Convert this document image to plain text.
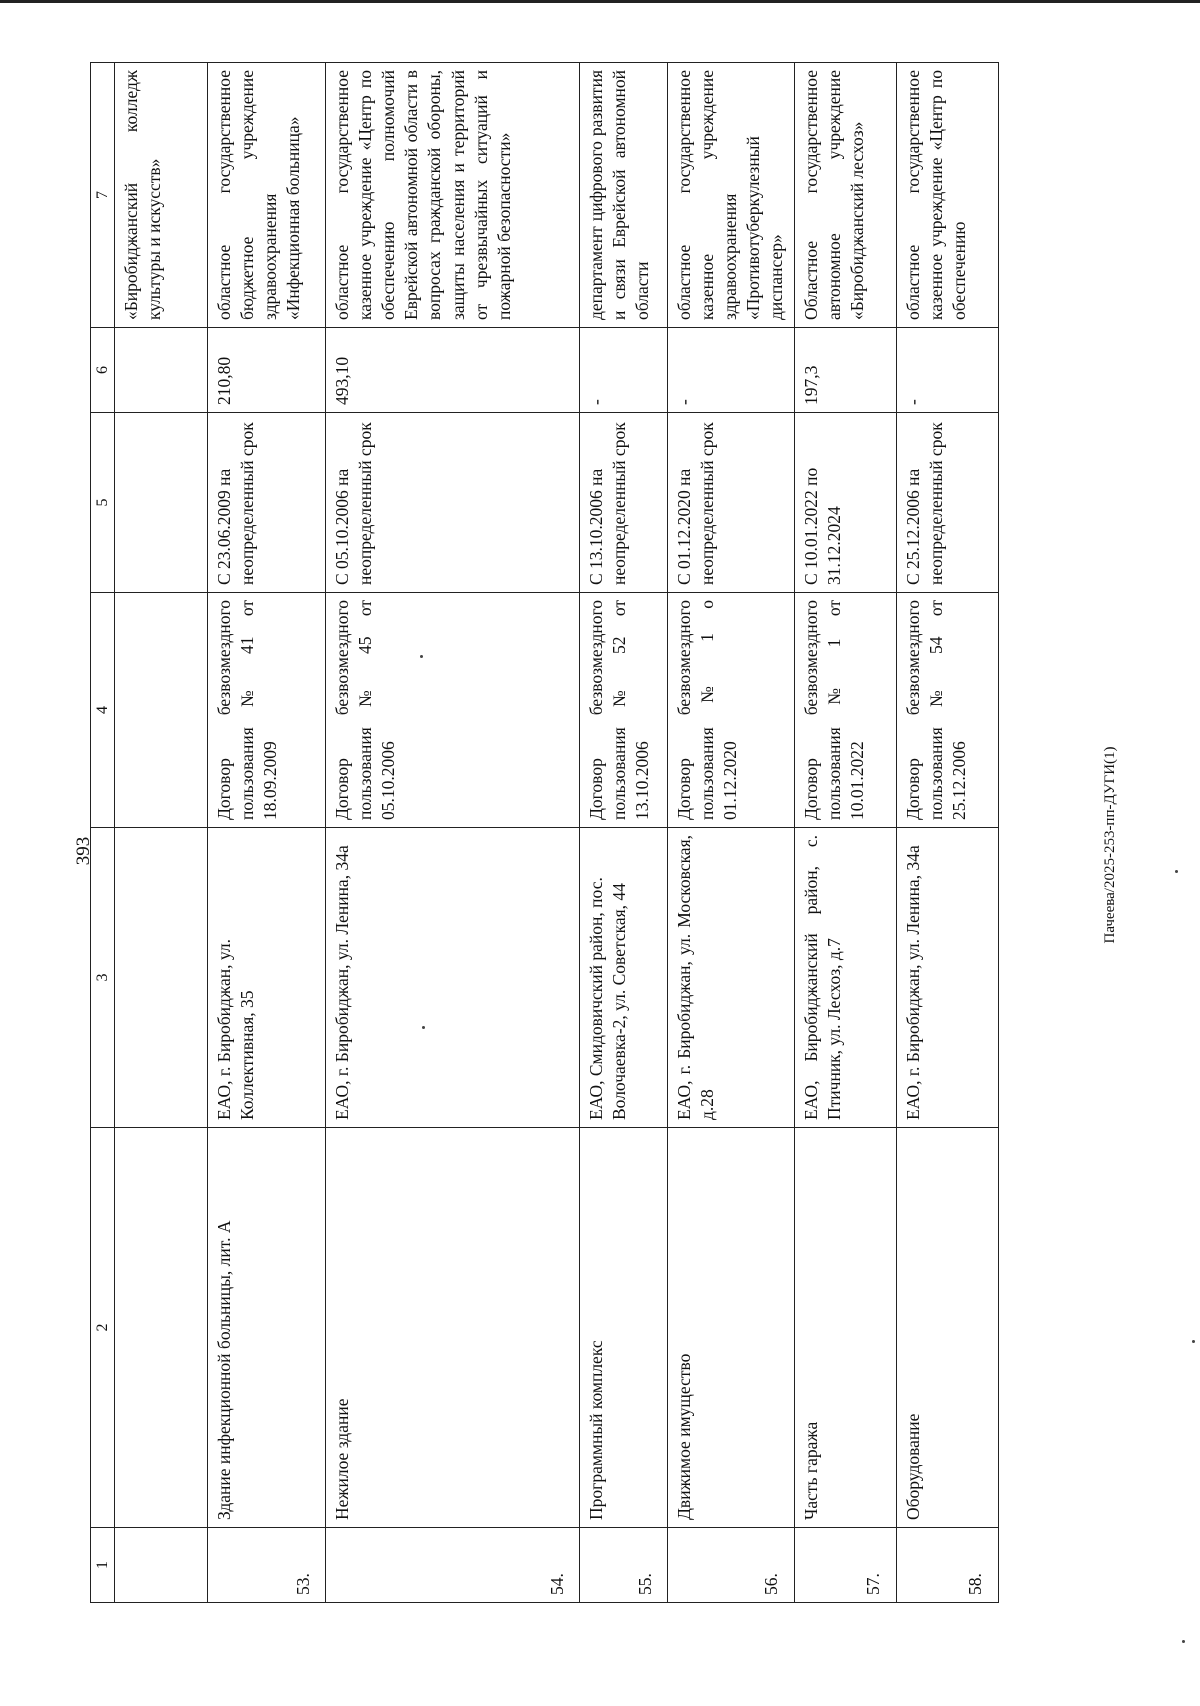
393
1	2	3	4	5	6	7
						«Биробиджанский колледж культуры и искусств»
53.	Здание инфекционной больницы, лит. А	ЕАО, г. Биробиджан, ул. Коллективная, 35	Договор безвозмездного пользования № 41 от 18.09.2009	С 23.06.2009 на неопределенный срок	210,80	областное государственное бюджетное учреждение здравоохранения «Инфекционная больница»
54.	Нежилое здание	ЕАО, г. Биробиджан, ул. Ленина, 34а	Договор безвозмездного пользования № 45 от 05.10.2006	С 05.10.2006 на неопределенный срок	493,10	областное государственное казенное учреждение «Центр по обеспечению полномочий Еврейской автономной области в вопросах гражданской обороны, защиты населения и территорий от чрезвычайных ситуаций и пожарной безопасности»
55.	Программный комплекс	ЕАО, Смидовичский район, пос. Волочаевка-2, ул. Советская, 44	Договор безвозмездного пользования № 52 от 13.10.2006	С 13.10.2006 на неопределенный срок	-	департамент цифрового развития и связи Еврейской автономной области
56.	Движимое имущество	ЕАО, г. Биробиджан, ул. Московская, д.28	Договор безвозмездного пользования № 1 о 01.12.2020	С 01.12.2020 на неопределенный срок	-	областное государственное казенное учреждение здравоохранения «Противотуберкулезный диспансер»
57.	Часть гаража	ЕАО, Биробиджанский район, с. Птичник, ул. Лесхоз, д.7	Договор безвозмездного пользования № 1 от 10.01.2022	С 10.01.2022 по 31.12.2024	197,3	Областное государственное автономное учреждение «Биробиджанский лесхоз»
58.	Оборудование	ЕАО, г. Биробиджан, ул. Ленина, 34а	Договор безвозмездного пользования № 54 от 25.12.2006	С 25.12.2006 на неопределенный срок	-	областное государственное казенное учреждение «Центр по обеспечению
Пачеева/2025-253-пп-ДУГИ(1)
